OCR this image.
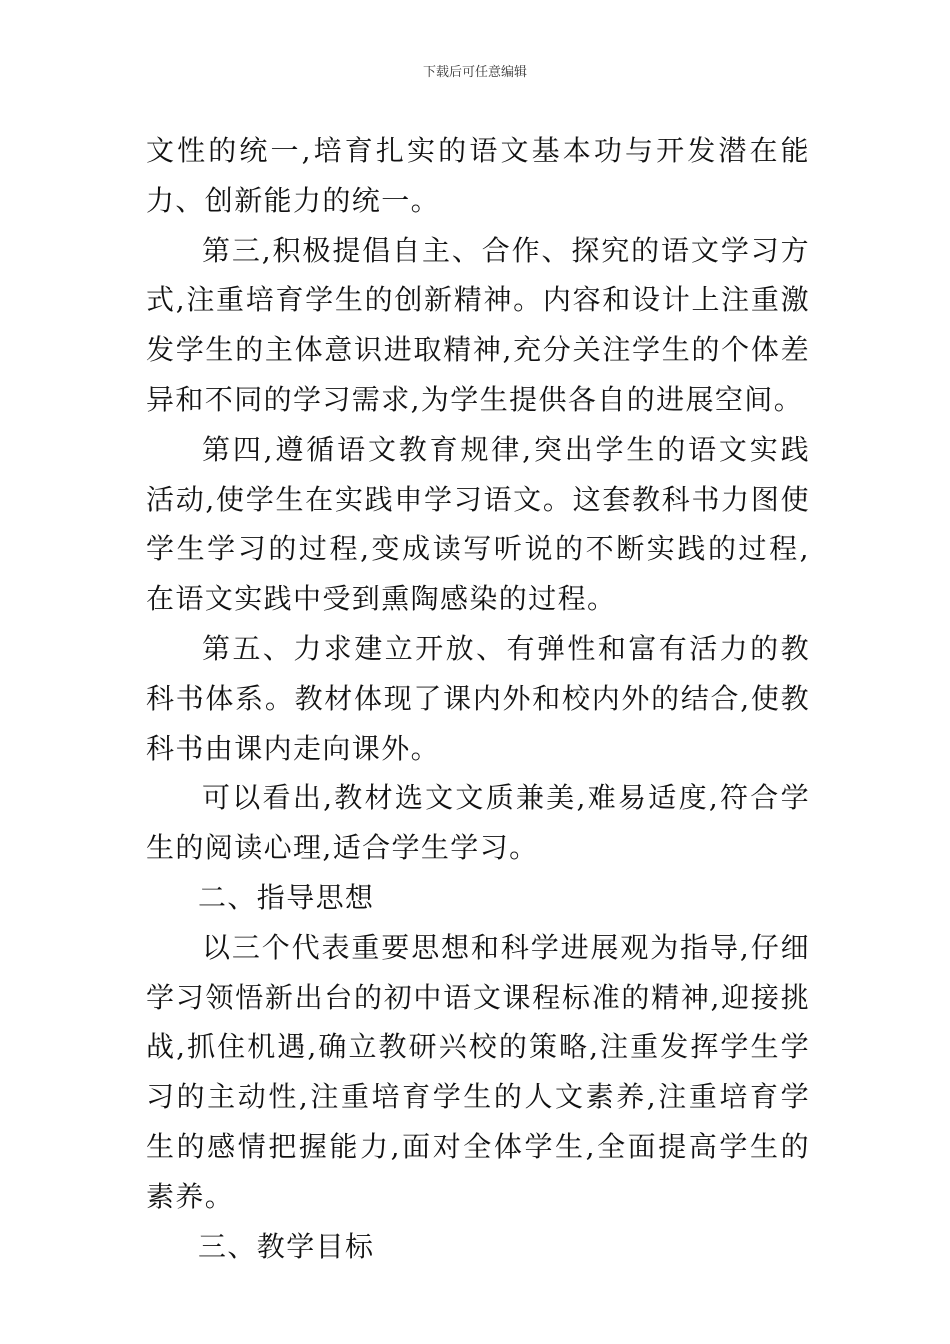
下载后可任意编辑

文性的统一,培育扎实的语文基本功与开发潜在能力、创新能力的统一。

第三,积极提倡自主、合作、探究的语文学习方式,注重培育学生的创新精神。内容和设计上注重激发学生的主体意识进取精神,充分关注学生的个体差异和不同的学习需求,为学生提供各自的进展空间。

第四,遵循语文教育规律,突出学生的语文实践活动,使学生在实践申学习语文。这套教科书力图使学生学习的过程,变成读写听说的不断实践的过程,在语文实践中受到熏陶感染的过程。

第五、力求建立开放、有弹性和富有活力的教科书体系。教材体现了课内外和校内外的结合,使教科书由课内走向课外。

可以看出,教材选文文质兼美,难易适度,符合学生的阅读心理,适合学生学习。

二、指导思想

以三个代表重要思想和科学进展观为指导,仔细学习领悟新出台的初中语文课程标准的精神,迎接挑战,抓住机遇,确立教研兴校的策略,注重发挥学生学习的主动性,注重培育学生的人文素养,注重培育学生的感情把握能力,面对全体学生,全面提高学生的素养。

三、教学目标
